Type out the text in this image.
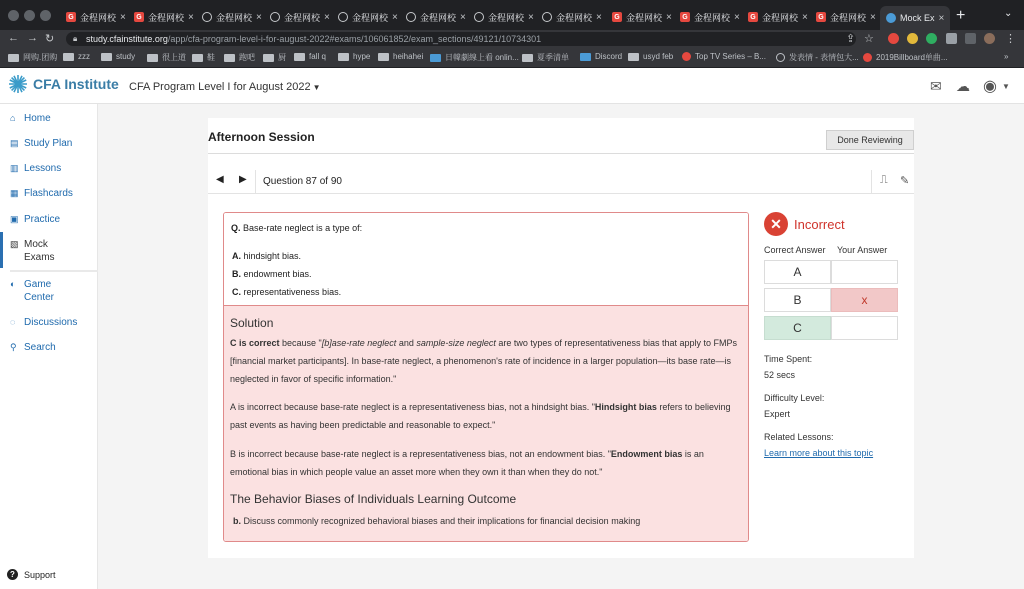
G 金程网校 ×	G 金程网校 × 金程网校 × 金程网校 × 金程网校 × 金程网校 × 金程网校 × 金程网校 ×	G 金程网校 ×	G 金程网校 ×	G 金程网校 ×	G 金程网校 ×	Mock Ex × +	⌄
← → ↻ 🔒︎ study.cfainstitute.org/app/cfa-program-level-i-for-august-2022#exams/106061852/exam_sections/49121/10734301	⇪ ☆	⋮
网购.团购	zzz	study	很上道	鞋	跑吧	厨	fall q	hype	heihahei	日韓劇線上看 onlin... 夏季清单	Discord	usyd feb	Top TV Series – B...	发表情 - 表情包大... 2019Billboard单曲...	»
CFA Institute CFA Program Level I for August 2022 ▼	✉ ☁ ◉ ▼
⌂ Home
▤ Study Plan
▥ Lessons
▦ Flashcards
▣ Practice
▧ Mock
Exams
◐ Game
Center
◌ Discussions
⚲ Search
?	Support
Afternoon Session	Done Reviewing
◀ ▶ Question 87 of 90	⎍ ✎
Q. Base-rate neglect is a type of:
A. hindsight bias.
B. endowment bias.
C. representativeness bias.
Solution
C is correct because "[b]ase-rate neglect and sample-size neglect are two types of representativeness bias that apply to FMPs [financial market participants]. In base-rate neglect, a phenomenon's rate of incidence in a larger population—its base rate—is neglected in favor of specific information."
A is incorrect because base-rate neglect is a representativeness bias, not a hindsight bias. "Hindsight bias refers to believing past events as having been predictable and reasonable to expect."
B is incorrect because base-rate neglect is a representativeness bias, not an endowment bias. "Endowment bias is an emotional bias in which people value an asset more when they own it than when they do not."
The Behavior Biases of Individuals Learning Outcome
b. Discuss commonly recognized behavioral biases and their implications for financial decision making
✕ Incorrect
Correct Answer Your Answer
A
B	x
C
Time Spent:
52 secs
Difficulty Level:
Expert
Related Lessons:
Learn more about this topic
